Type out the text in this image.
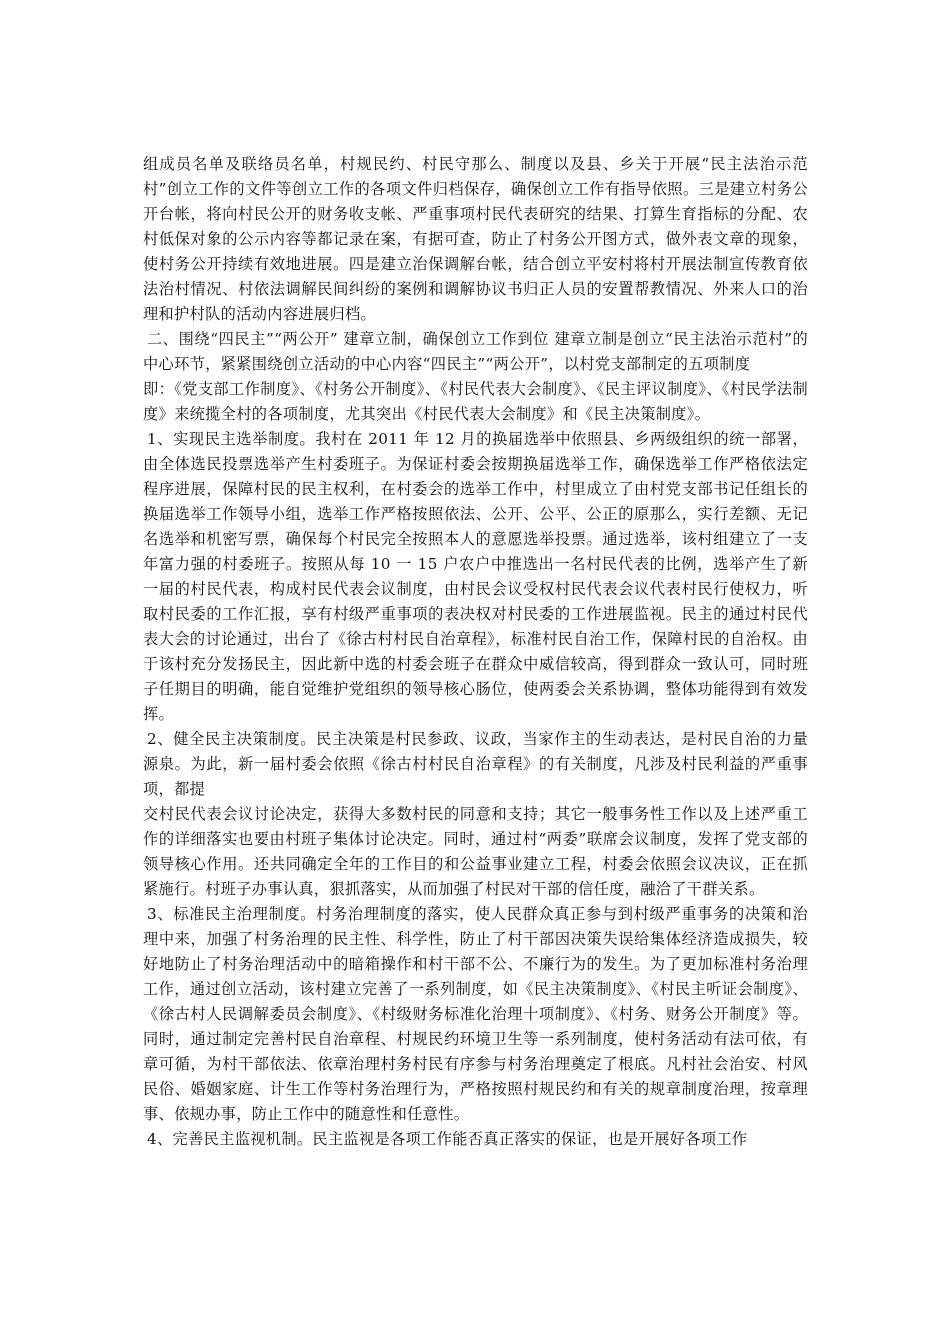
组成员名单及联络员名单，村规民约、村民守那么、制度以及县、乡关于开展“民主法治示范村”创立工作的文件等创立工作的各项文件归档保存，确保创立工作有指导依照。三是建立村务公开台帐，将向村民公开的财务收支帐、严重事项村民代表研究的结果、打算生育指标的分配、农村低保对象的公示内容等都记录在案，有据可查，防止了村务公开图方式，做外表文章的现象，使村务公开持续有效地进展。四是建立治保调解台帐，结合创立平安村将村开展法制宣传教育依法治村情况、村依法调解民间纠纷的案例和调解协议书归正人员的安置帮教情况、外来人口的治理和护村队的活动内容进展归档。

二、围绕“四民主”“两公开” 建章立制，确保创立工作到位 建章立制是创立“民主法治示范村”的中心环节，紧紧围绕创立活动的中心内容“四民主”“两公开”，以村党支部制定的五项制度

即：《党支部工作制度》、《村务公开制度》、《村民代表大会制度》、《民主评议制度》、《村民学法制度》来统揽全村的各项制度，尤其突出《村民代表大会制度》和《民主决策制度》。

1、实现民主选举制度。我村在 2011 年 12 月的换届选举中依照县、乡两级组织的统一部署，由全体选民投票选举产生村委班子。为保证村委会按期换届选举工作，确保选举工作严格依法定程序进展，保障村民的民主权利，在村委会的选举工作中，村里成立了由村党支部书记任组长的换届选举工作领导小组，选举工作严格按照依法、公开、公平、公正的原那么，实行差额、无记名选举和机密写票，确保每个村民完全按照本人的意愿选举投票。通过选举，该村组建立了一支年富力强的村委班子。按照从每 10 一 15 户农户中推选出一名村民代表的比例，选举产生了新一届的村民代表，构成村民代表会议制度，由村民会议受权村民代表会议代表村民行使权力，听取村民委的工作汇报，享有村级严重事项的表决权对村民委的工作进展监视。民主的通过村民代表大会的讨论通过，出台了《徐古村村民自治章程》，标准村民自治工作，保障村民的自治权。由于该村充分发扬民主，因此新中选的村委会班子在群众中威信较高，得到群众一致认可，同时班子任期目的明确，能自觉维护党组织的领导核心肠位，使两委会关系协调，整体功能得到有效发挥。

2、健全民主决策制度。民主决策是村民参政、议政，当家作主的生动表达，是村民自治的力量源泉。为此，新一届村委会依照《徐古村村民自治章程》的有关制度，凡涉及村民利益的严重事项，都提

交村民代表会议讨论决定，获得大多数村民的同意和支持；其它一般事务性工作以及上述严重工作的详细落实也要由村班子集体讨论决定。同时，通过村“两委”联席会议制度，发挥了党支部的领导核心作用。还共同确定全年的工作目的和公益事业建立工程，村委会依照会议决议，正在抓紧施行。村班子办事认真，狠抓落实，从而加强了村民对干部的信任度，融洽了干群关系。

3、标准民主治理制度。村务治理制度的落实，使人民群众真正参与到村级严重事务的决策和治理中来，加强了村务治理的民主性、科学性，防止了村干部因决策失误给集体经济造成损失，较好地防止了村务治理活动中的暗箱操作和村干部不公、不廉行为的发生。为了更加标准村务治理工作，通过创立活动，该村建立完善了一系列制度，如《民主决策制度》、《村民主听证会制度》、《徐古村人民调解委员会制度》、《村级财务标准化治理十项制度》、《村务、财务公开制度》等。同时，通过制定完善村民自治章程、村规民约环境卫生等一系列制度，使村务活动有法可依，有章可循，为村干部依法、依章治理村务村民有序参与村务治理奠定了根底。凡村社会治安、村风民俗、婚姻家庭、计生工作等村务治理行为，严格按照村规民约和有关的规章制度治理，按章理事、依规办事，防止工作中的随意性和任意性。

4、完善民主监视机制。民主监视是各项工作能否真正落实的保证，也是开展好各项工作
